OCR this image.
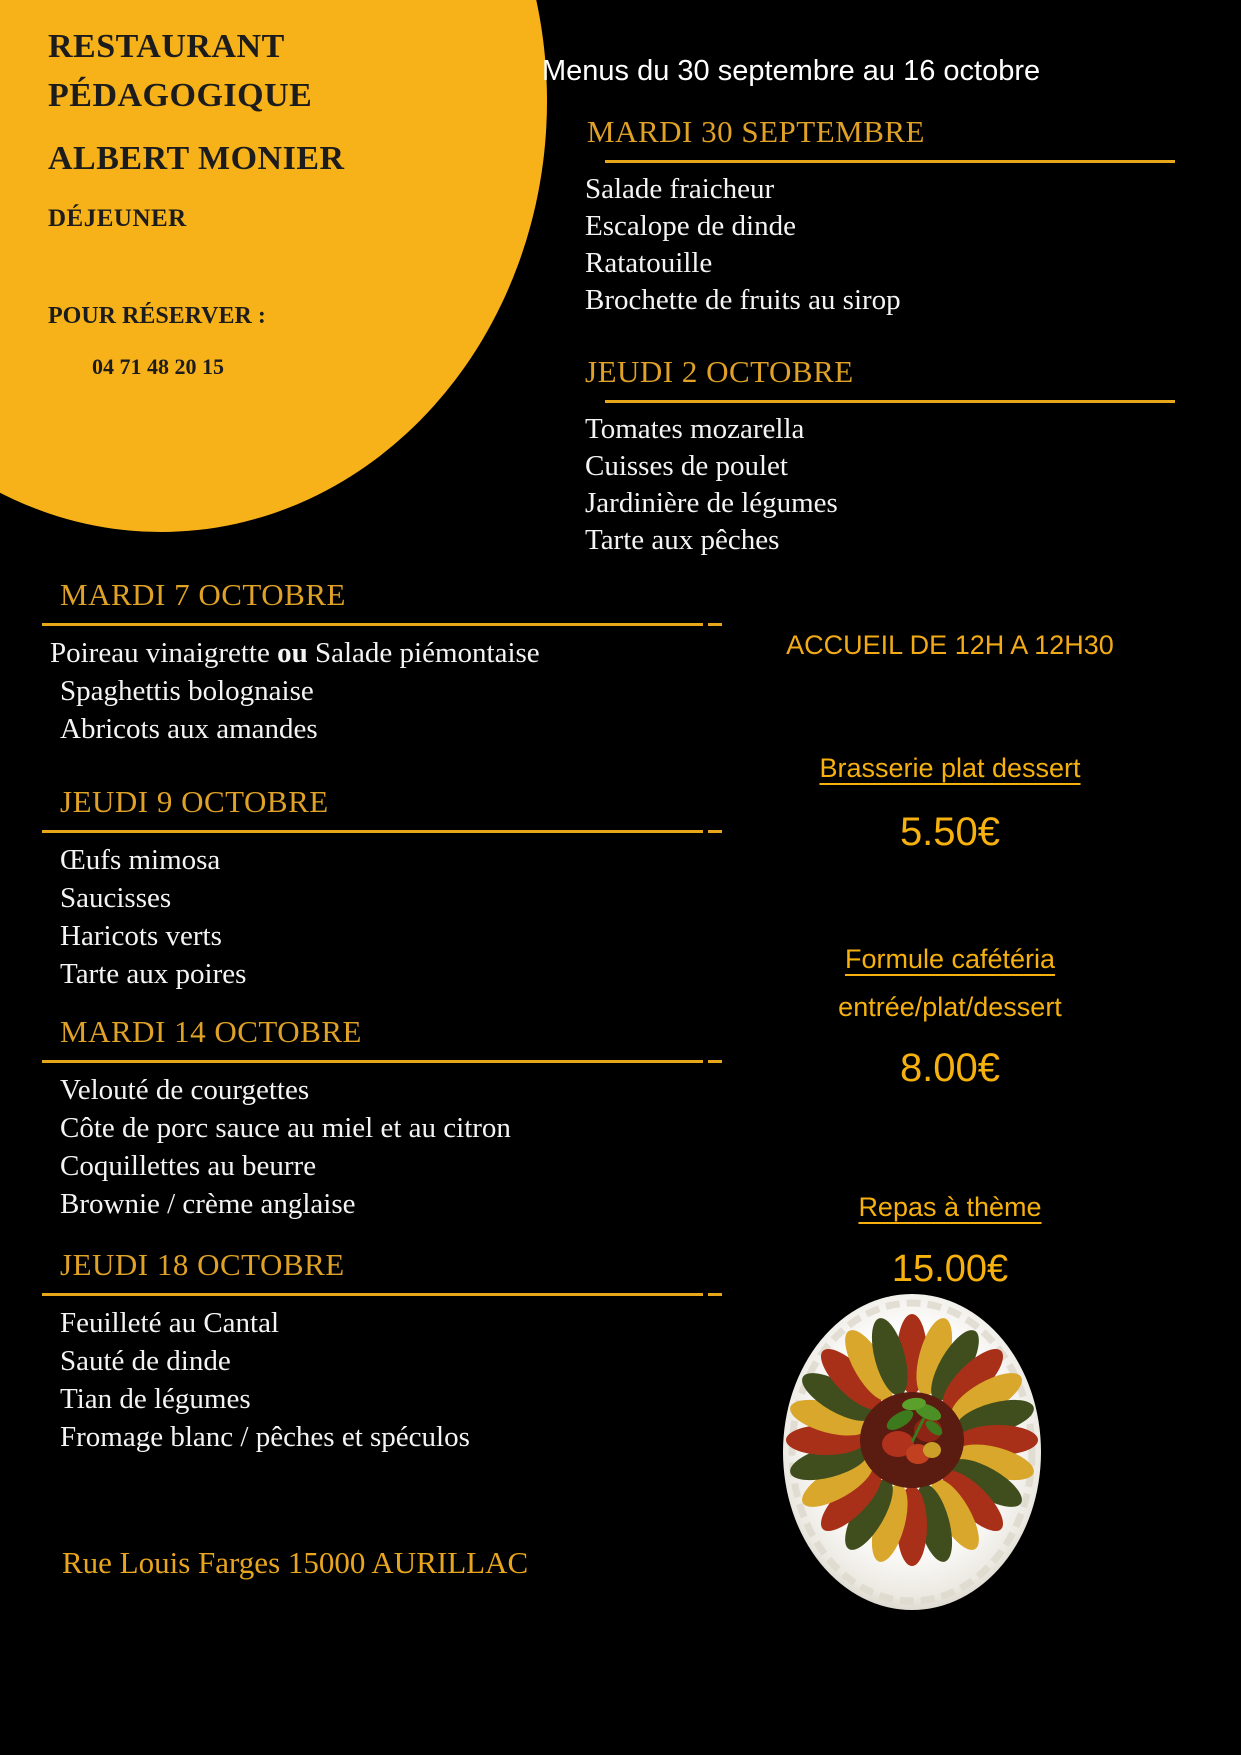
RESTAURANT
PÉDAGOGIQUE
ALBERT MONIER
DÉJEUNER
POUR RÉSERVER :
04 71 48 20 15
Menus du 30 septembre au 16 octobre
MARDI 30 SEPTEMBRE
Salade fraicheur
Escalope de dinde
Ratatouille
Brochette de fruits au sirop
JEUDI 2 OCTOBRE
Tomates mozarella
Cuisses de poulet
Jardinière de légumes
Tarte aux pêches
MARDI 7 OCTOBRE
Poireau vinaigrette ou Salade piémontaise
Spaghettis bolognaise
Abricots aux amandes
JEUDI 9 OCTOBRE
Œufs mimosa
Saucisses
Haricots verts
Tarte aux poires
MARDI 14 OCTOBRE
Velouté de courgettes
Côte de porc sauce au miel et au citron
Coquillettes au beurre
Brownie / crème anglaise
JEUDI 18 OCTOBRE
Feuilleté au Cantal
Sauté de dinde
Tian de légumes
Fromage blanc / pêches et spéculos
ACCUEIL DE 12H A 12H30
Brasserie plat dessert
5.50€
Formule cafétéria
entrée/plat/dessert
8.00€
Repas à thème
15.00€
Rue Louis Farges 15000 AURILLAC
